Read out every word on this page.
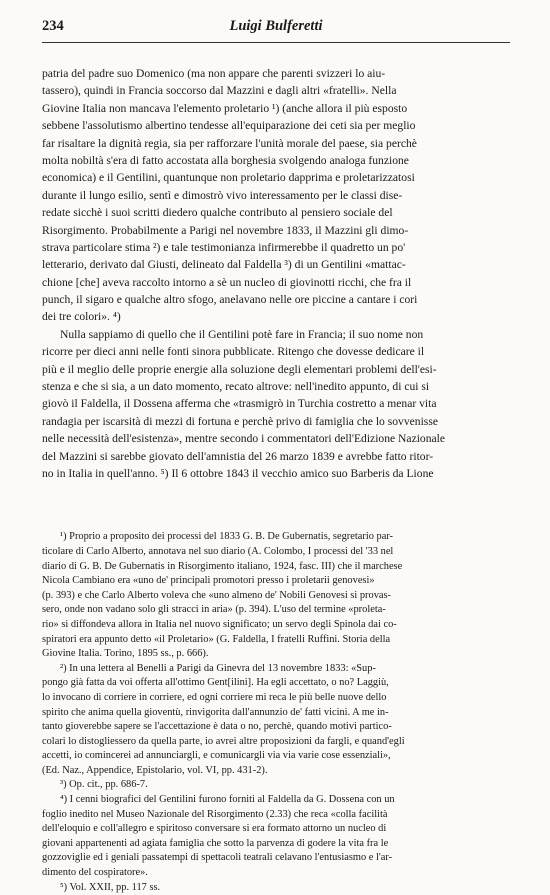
234	Luigi Bulferetti
patria del padre suo Domenico (ma non appare che parenti svizzeri lo aiu-
tassero), quindi in Francia soccorso dal Mazzini e dagli altri «fratelli». Nella
Giovine Italia non mancava l'elemento proletario ¹) (anche allora il più esposto
sebbene l'assolutismo albertino tendesse all'equiparazione dei ceti sia per meglio
far risaltare la dignità regia, sia per rafforzare l'unità morale del paese, sia perchè
molta nobiltà s'era di fatto accostata alla borghesia svolgendo analoga funzione
economica) e il Gentilini, quantunque non proletario dapprima e proletarizzatosi
durante il lungo esilio, sentì e dimostrò vivo interessamento per le classi dise-
redate sicchè i suoi scritti diedero qualche contributo al pensiero sociale del
Risorgimento. Probabilmente a Parigi nel novembre 1833, il Mazzini gli dimo-
strava particolare stima ²) e tale testimonianza infirmerebbe il quadretto un po'
letterario, derivato dal Giusti, delineato dal Faldella ³) di un Gentilini «mattac-
chione [che] aveva raccolto intorno a sè un nucleo di giovinotti ricchi, che fra il
punch, il sigaro e qualche altro sfogo, anelavano nelle ore piccine a cantare i cori
dei tre colori». ⁴)
Nulla sappiamo di quello che il Gentilini potè fare in Francia; il suo nome non
ricorre per dieci anni nelle fonti sinora pubblicate. Ritengo che dovesse dedicare il
più e il meglio delle proprie energie alla soluzione degli elementari problemi dell'esi-
stenza e che si sia, a un dato momento, recato altrove: nell'inedito appunto, di cui si
giovò il Faldella, il Dossena afferma che «trasmigrò in Turchia costretto a menar vita
randagia per iscarsità di mezzi di fortuna e perchè privo di famiglia che lo sovvenisse
nelle necessità dell'esistenza», mentre secondo i commentatori dell'Edizione Nazionale
del Mazzini si sarebbe giovato dell'amnistia del 26 marzo 1839 e avrebbe fatto ritor-
no in Italia in quell'anno. ⁵) Il 6 ottobre 1843 il vecchio amico suo Barberis da Lione
¹) Proprio a proposito dei processi del 1833 G. B. De Gubernatis, segretario par-
ticolare di Carlo Alberto, annotava nel suo diario (A. Colombo, I processi del '33 nel
diario di G. B. De Gubernatis in Risorgimento italiano, 1924, fasc. III) che il marchese
Nicola Cambiano era «uno de' principali promotori presso i proletarii genovesi»
(p. 393) e che Carlo Alberto voleva che «uno almeno de' Nobili Genovesi si provas-
sero, onde non vadano solo gli stracci in aria» (p. 394). L'uso del termine «proleta-
rio» si diffondeva allora in Italia nel nuovo significato; un servo degli Spinola dai co-
spiratori era appunto detto «il Proletario» (G. Faldella, I fratelli Ruffini. Storia della
Giovine Italia. Torino, 1895 ss., p. 666).
²) In una lettera al Benelli a Parigi da Ginevra del 13 novembre 1833: «Sup-
pongo già fatta da voi offerta all'ottimo Gent[ilini]. Ha egli accettato, o no? Laggiù,
lo invocano di corriere in corriere, ed ogni corriere mi reca le più belle nuove dello
spirito che anima quella gioventù, rinvigorita dall'annunzio de' fatti vicini. A me in-
tanto gioverebbe sapere se l'accettazione è data o no, perchè, quando motivi partico-
colari lo distogliessero da quella parte, io avrei altre proposizioni da fargli, e quand'egli
accetti, io comincerei ad annunciargli, e comunicargli via via varie cose essenziali»,
(Ed. Naz., Appendice, Epistolario, vol. VI, pp. 431-2).
³) Op. cit., pp. 686-7.
⁴) I cenni biografici del Gentilini furono forniti al Faldella da G. Dossena con un
foglio inedito nel Museo Nazionale del Risorgimento (2.33) che reca «colla facilità
dell'eloquio e coll'allegro e spiritoso conversare si era formato attorno un nucleo di
giovani appartenenti ad agiata famiglia che sotto la parvenza di godere la vita fra le
gozzoviglie ed i geniali passatempi di spettacoli teatrali celavano l'entusiasmo e l'ar-
dimento del cospiratore».
⁵) Vol. XXII, pp. 117 ss.
